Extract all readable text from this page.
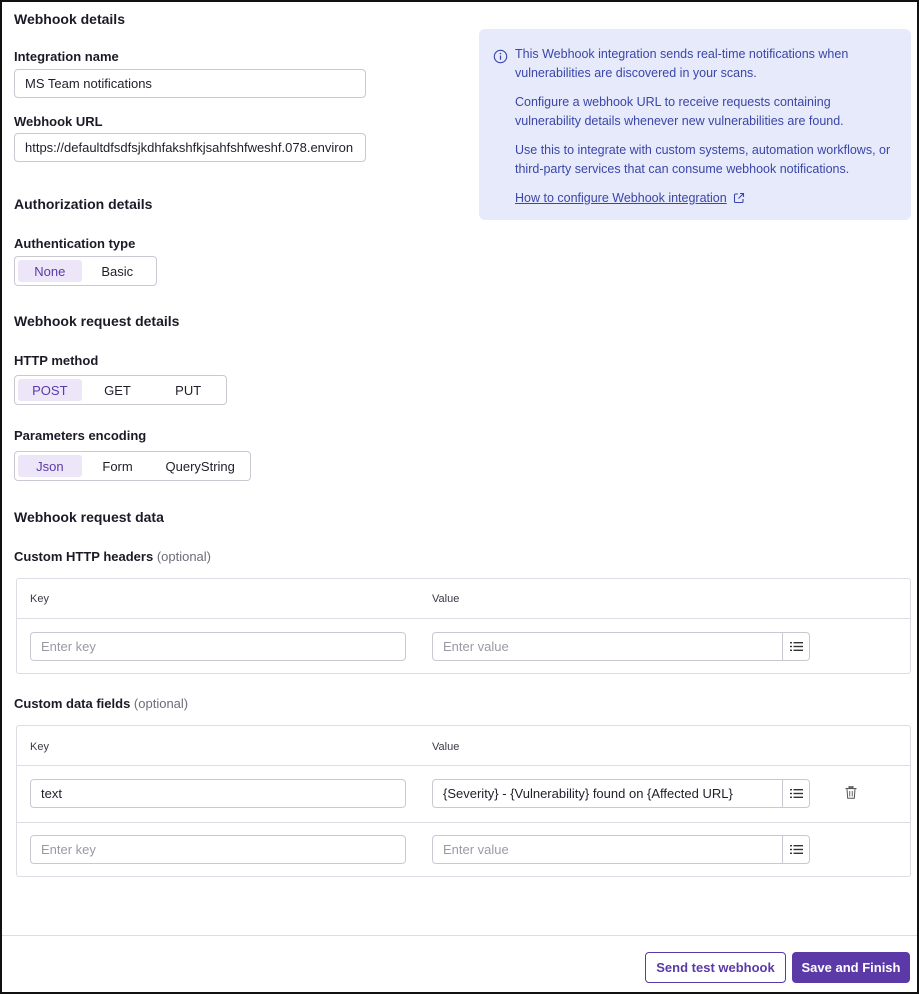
Webhook details
Integration name
MS Team notifications
Webhook URL
https://defaultdfsdfsjkdhfakshfkjsahfshfweshf.078.environ

This Webhook integration sends real-time notifications when vulnerabilities are discovered in your scans.

Configure a webhook URL to receive requests containing vulnerability details whenever new vulnerabilities are found.

Use this to integrate with custom systems, automation workflows, or third-party services that can consume webhook notifications.

How to configure Webhook integration
Authorization details
Authentication type
None	Basic
Webhook request details
HTTP method
POST	GET	PUT
Parameters encoding
Json	Form	QueryString
Webhook request data
Custom HTTP headers (optional)
Key	Value
Enter key	Enter value
Custom data fields (optional)
Key	Value
text	{Severity} - {Vulnerability} found on {Affected URL}
Enter key	Enter value
Send test webhook	Save and Finish
